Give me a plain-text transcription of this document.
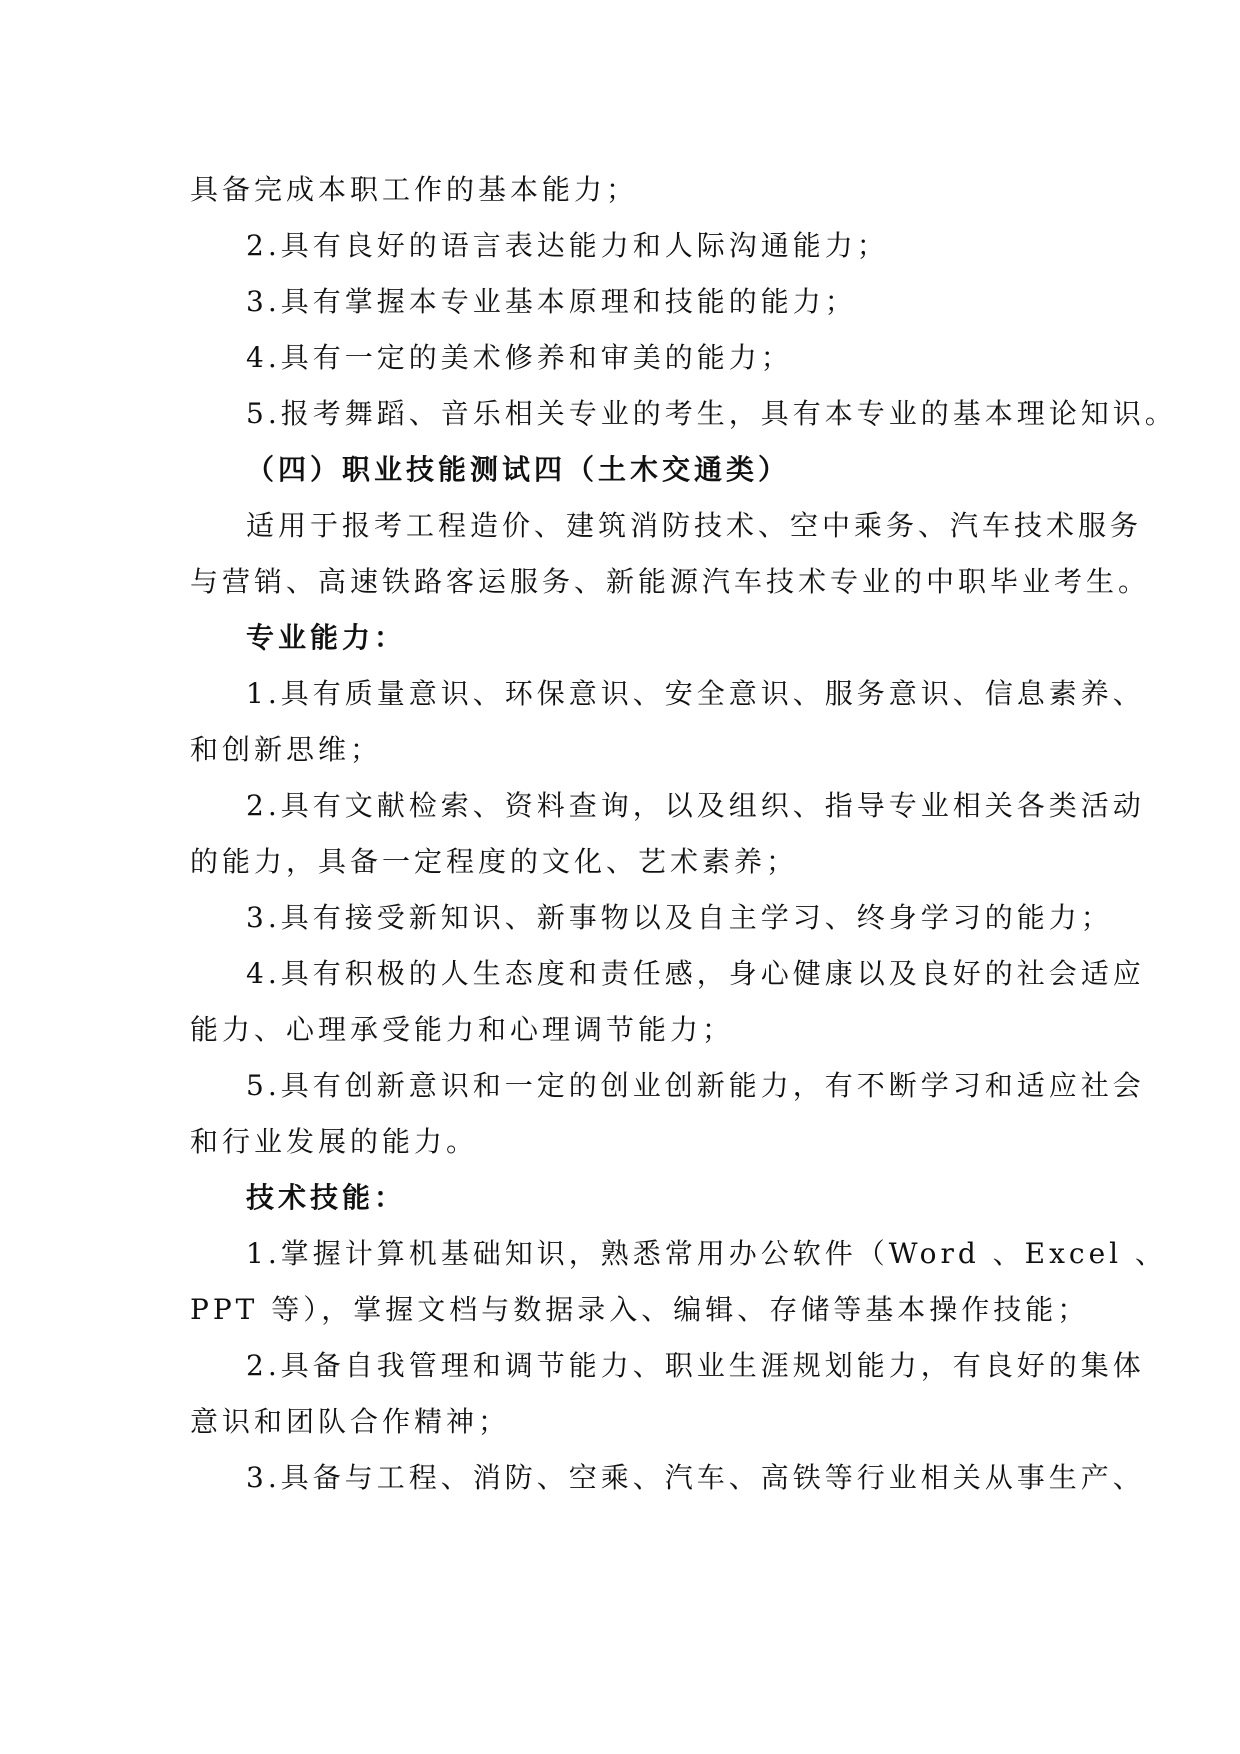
具备完成本职工作的基本能力；
2.具有良好的语言表达能力和人际沟通能力；
3.具有掌握本专业基本原理和技能的能力；
4.具有一定的美术修养和审美的能力；
5.报考舞蹈、音乐相关专业的考生，具有本专业的基本理论知识。
（四）职业技能测试四（土木交通类）
适用于报考工程造价、建筑消防技术、空中乘务、汽车技术服务
与营销、高速铁路客运服务、新能源汽车技术专业的中职毕业考生。
专业能力：
1.具有质量意识、环保意识、安全意识、服务意识、信息素养、
和创新思维；
2.具有文献检索、资料查询，以及组织、指导专业相关各类活动
的能力，具备一定程度的文化、艺术素养；
3.具有接受新知识、新事物以及自主学习、终身学习的能力；
4.具有积极的人生态度和责任感，身心健康以及良好的社会适应
能力、心理承受能力和心理调节能力；
5.具有创新意识和一定的创业创新能力，有不断学习和适应社会
和行业发展的能力。
技术技能：
1.掌握计算机基础知识，熟悉常用办公软件（Word 、Excel 、
PPT 等），掌握文档与数据录入、编辑、存储等基本操作技能；
2.具备自我管理和调节能力、职业生涯规划能力，有良好的集体
意识和团队合作精神；
3.具备与工程、消防、空乘、汽车、高铁等行业相关从事生产、
